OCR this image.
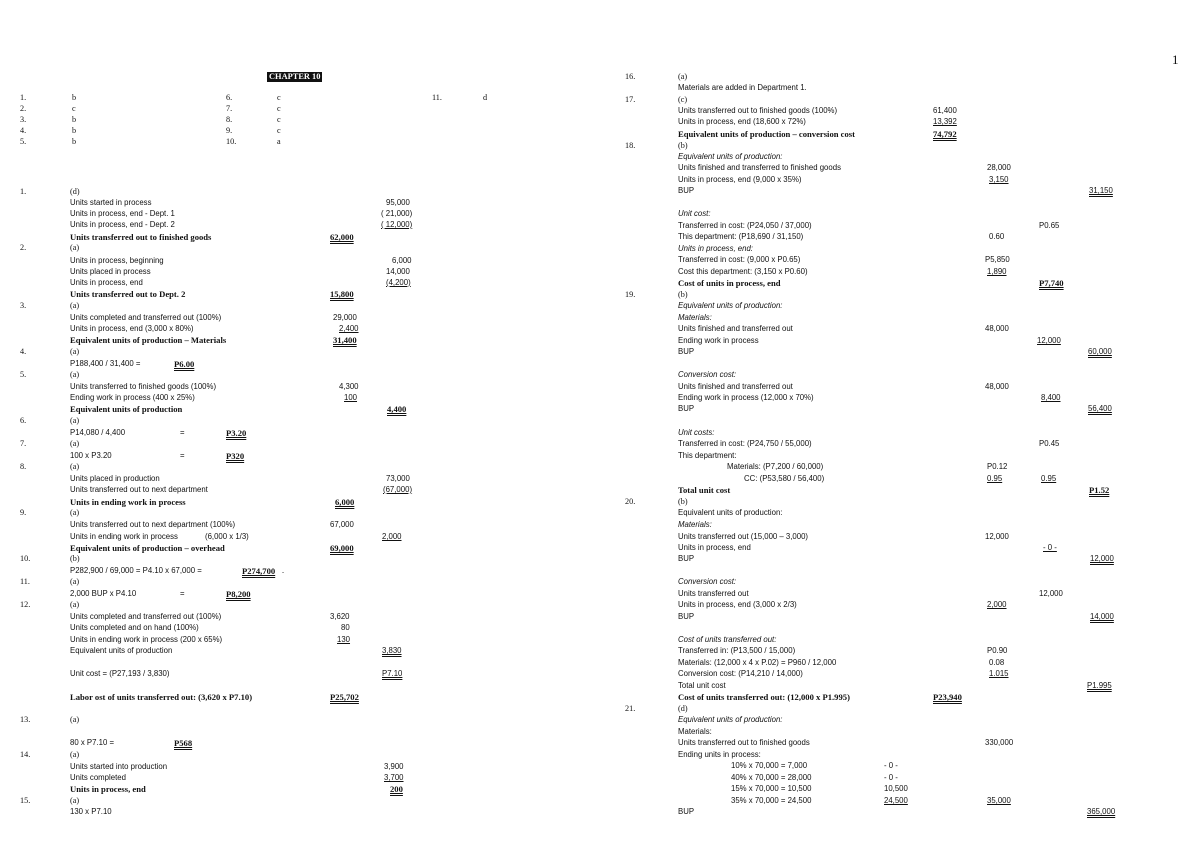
1
CHAPTER 10
1.	b
2.	c
3.	b
4.	b
5.	b
6.	c
7.	c
8.	c
9.	c
10.	a
11.	d
1.	(d)
Units started in process	95,000
Units in process, end - Dept. 1	( 21,000)
Units in process, end - Dept. 2	( 12,000)
Units transferred out to finished goods	62,000
2.	(a)
Units in process, beginning	6,000
Units placed in process	14,000
Units in process, end	(4,200)
Units transferred out to Dept. 2	15,800
3.	(a)
Units completed and transferred out (100%)	29,000
Units in process, end (3,000 x 80%)	2,400
Equivalent units of production – Materials	31,400
4.	(a)
P188,400 / 31,400 =	P6.00
5.	(a)
Units transferred to finished goods (100%)	4,300
Ending work in process (400 x 25%)	100
Equivalent units of production	4,400
6.	(a)
P14,080 / 4,400	=	P3.20
7.	(a)
100 x P3.20	=	P320
8.	(a)
Units placed in production	73,000
Units transferred out to next department	(67,000)
Units in ending work in process	6,000
9.	(a)
Units transferred out to next department (100%)	67,000
Units in ending work in process	(6,000 x 1/3)	2,000
Equivalent units of production – overhead	69,000
10.	(b)
P282,900 / 69,000 = P4.10 x 67,000 =	P274,700 .
11.	(a)
2,000 BUP x P4.10	=	P8,200
12.	(a)
Units completed and transferred out (100%)	3,620
Units completed and on hand (100%)	80
Units in ending work in process (200 x 65%)	130
Equivalent units of production	3,830
Unit cost = (P27,193 / 3,830)	P7.10
Labor ost of units transferred out: (3,620 x P7.10)	P25,702
13.	(a)
80 x P7.10 =	P568
14.	(a)
Units started into production	3,900
Units completed	3,700
Units in process, end	200
15.	(a)
130 x P7.10
16.	(a)
Materials are added in Department 1.
17.	(c)
Units transferred out to finished goods (100%)	61,400
Units in process, end (18,600 x 72%)	13,392
Equivalent units of production – conversion cost	74,792
18.	(b)
Equivalent units of production:
Units finished and transferred to finished goods	28,000
Units in process, end (9,000 x 35%)	3,150
BUP	31,150
Unit cost:
Transferred in cost: (P24,050 / 37,000)	P0.65
This department: (P18,690 / 31,150)	0.60
Units in process, end:
Transferred in cost: (9,000 x P0.65)	P5,850
Cost this department: (3,150 x P0.60)	1,890
Cost of units in process, end	P7,740
19.	(b)
Equivalent units of production:
Materials:
Units finished and transferred out	48,000
Ending work in process	12,000
BUP	60,000
Conversion cost:
Units finished and transferred out	48,000
Ending work in process (12,000 x 70%)	8,400
BUP	56,400
Unit costs:
Transferred in cost: (P24,750 / 55,000)	P0.45
This department:
Materials: (P7,200 / 60,000)	P0.12
CC: (P53,580 / 56,400)	0.95	0.95
Total unit cost	P1.52
20.	(b)
Equivalent units of production:
Materials:
Units transferred out (15,000 – 3,000)	12,000
Units in process, end	- 0 -
BUP	12,000
Conversion cost:
Units transferred out	12,000
Units in process, end (3,000 x 2/3)	2,000
BUP	14,000
Cost of units transferred out:
Transferred in: (P13,500 / 15,000)	P0.90
Materials: (12,000 x 4 x P.02) = P960 / 12,000	0.08
Conversion cost: (P14,210 / 14,000)	1.015
Total unit cost	P1.995
Cost of units transferred out: (12,000 x P1.995)	P23,940
21.	(d)
Equivalent units of production:
Materials:
Units transferred out to finished goods	330,000
Ending units in process:
10% x 70,000 = 7,000	- 0 -
40% x 70,000 = 28,000	- 0 -
15% x 70,000 = 10,500	10,500
35% x 70,000 = 24,500	24,500	35,000
BUP	365,000
